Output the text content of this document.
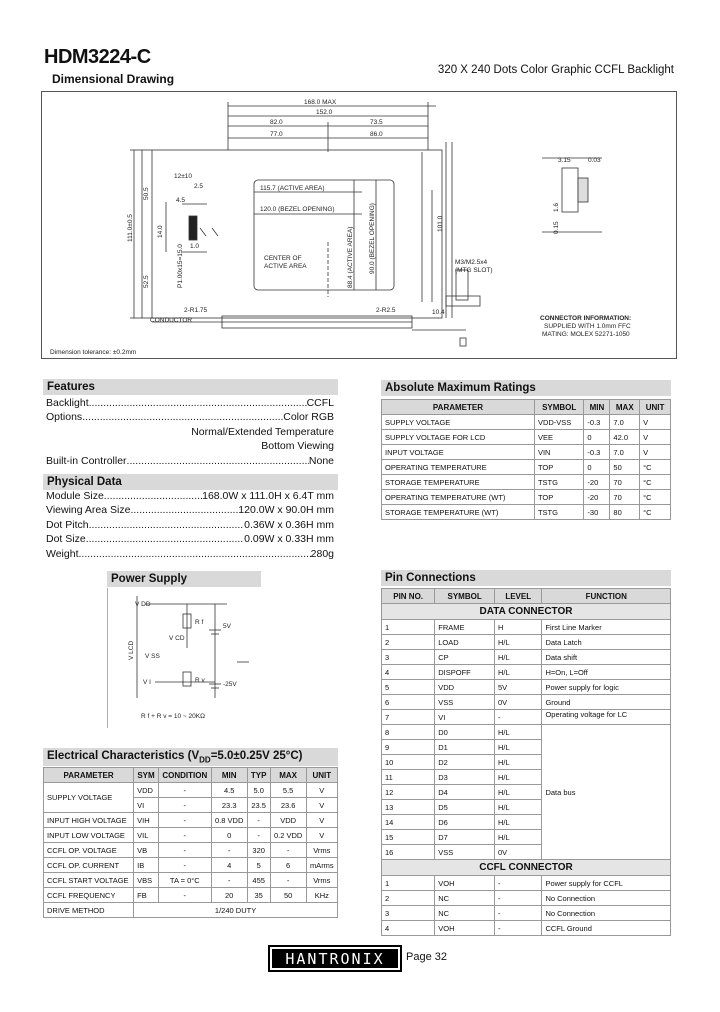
HDM3224-C
Dimensional Drawing
320 X 240 Dots Color Graphic CCFL Backlight
168.0 MAX
152.0
82.0	73.5
77.0	86.0
115.7 (ACTIVE AREA)
120.0 (BEZEL OPENING)
CENTER OF
ACTIVE AREA
12±10
2.5
4.5
1.0
2-R1.75	2-R2.5
M3/M2.5x4
(MTG SLOT)
10.4
3.15	0.03
CONDUCTOR
Dimension tolerance: ±0.2mm
111.0±0.5
50.5
52.5
14.0
P1.00x15=15.0	88.4 (ACTIVE AREA) 90.0 (BEZEL OPENING)	101.0
1.6
0.15
CONNECTOR INFORMATION:
SUPPLIED WITH 1.0mm FFC
MATING: MOLEX 52271-1050
Features
Backlight .....	CCFL
Options .....	Color RGB
Normal/Extended Temperature
Bottom Viewing
Built-in Controller .....	None
Physical Data
Module Size .....	168.0W x 111.0H x 6.4T mm
Viewing Area Size .....	120.0W x 90.0H mm
Dot Pitch .....	0.36W x 0.36H mm
Dot Size .....	0.09W x 0.33H mm
Weight .....	280g
Power Supply
V DD
V SS
V CD
V I
R f
R v
5V
-25V
R f + R v = 10 ~ 20KΩ
V LCD
Electrical Characteristics ($V_{DD}=5.0\pm 0.25V$ 25°C)
PARAMETER	SYM	CONDITION	MIN	TYP	MAX	UNIT
SUPPLY VOLTAGE	VDD	-	4.5	5.0	5.5	V
	VI	-	23.3	23.5	23.6	V
INPUT HIGH VOLTAGE	VIH	-	0.8 VDD	-	VDD	V
INPUT LOW VOLTAGE	VIL	-	0	-	0.2 VDD	V
CCFL OP. VOLTAGE	VB	-	-	320	-	Vrms
CCFL OP. CURRENT	IB	-	4	5	6	mArms
CCFL START VOLTAGE	VBS	TA = 0°C	-	455	-	Vrms
CCFL FREQUENCY	FB	-	20	35	50	KHz
DRIVE METHOD	1/240 DUTY					
Absolute Maximum Ratings
PARAMETER	SYMBOL	MIN	MAX	UNIT
SUPPLY VOLTAGE	VDD-VSS	-0.3	7.0	V
SUPPLY VOLTAGE FOR LCD	VEE	0	42.0	V
INPUT VOLTAGE	VIN	-0.3	7.0	V
OPERATING TEMPERATURE	TOP	0	50	°C
STORAGE TEMPERATURE	TSTG	-20	70	°C
OPERATING TEMPERATURE (WT)	TOP	-20	70	°C
STORAGE TEMPERATURE (WT)	TSTG	-30	80	°C
Pin Connections
PIN NO.	SYMBOL	LEVEL	FUNCTION
DATA CONNECTOR			
1	FRAME	H	First Line Marker
2	LOAD	H/L	Data Latch
3	CP	H/L	Data shift
4	DISPOFF	H/L	H=On, L=Off
5	VDD	5V	Power supply for logic
6	VSS	0V	Ground
7	VI	-	Operating voltage for LC
8	D0	H/L	Data bus
9	D1	H/L	
10	D2	H/L	
11	D3	H/L	
12	D4	H/L	
13	D5	H/L	
14	D6	H/L	
15	D7	H/L	
16	VSS	0V	
CCFL CONNECTOR			
1	VOH	-	Power supply for CCFL
2	NC	-	No Connection
3	NC	-	No Connection
4	VOH	-	CCFL Ground
HANTRONIX	Page 32
